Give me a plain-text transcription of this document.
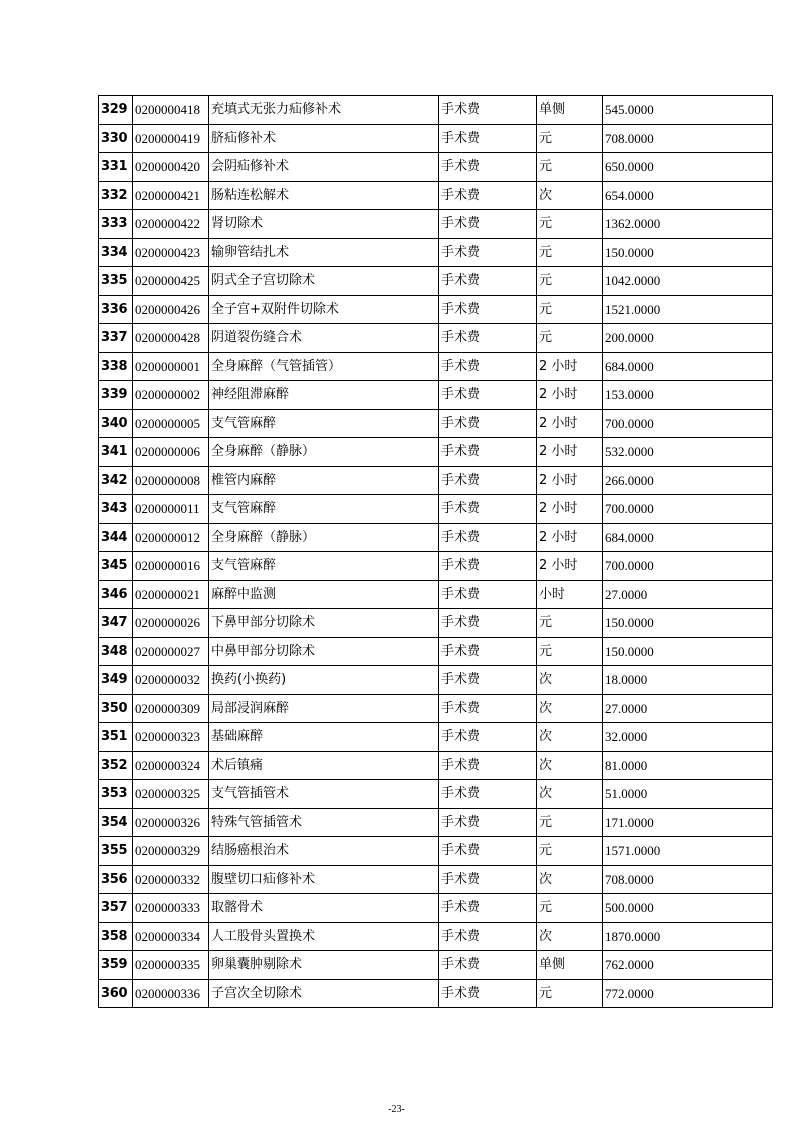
329	0200000418	充填式无张力疝修补术	手术费	单侧	545.0000
330	0200000419	脐疝修补术	手术费	元	708.0000
331	0200000420	会阴疝修补术	手术费	元	650.0000
332	0200000421	肠粘连松解术	手术费	次	654.0000
333	0200000422	肾切除术	手术费	元	1362.0000
334	0200000423	输卵管结扎术	手术费	元	150.0000
335	0200000425	阴式全子宫切除术	手术费	元	1042.0000
336	0200000426	全子宫+双附件切除术	手术费	元	1521.0000
337	0200000428	阴道裂伤缝合术	手术费	元	200.0000
338	0200000001	全身麻醉（气管插管）	手术费	2 小时	684.0000
339	0200000002	神经阻滞麻醉	手术费	2 小时	153.0000
340	0200000005	支气管麻醉	手术费	2 小时	700.0000
341	0200000006	全身麻醉（静脉）	手术费	2 小时	532.0000
342	0200000008	椎管内麻醉	手术费	2 小时	266.0000
343	0200000011	支气管麻醉	手术费	2 小时	700.0000
344	0200000012	全身麻醉（静脉）	手术费	2 小时	684.0000
345	0200000016	支气管麻醉	手术费	2 小时	700.0000
346	0200000021	麻醉中监测	手术费	小时	27.0000
347	0200000026	下鼻甲部分切除术	手术费	元	150.0000
348	0200000027	中鼻甲部分切除术	手术费	元	150.0000
349	0200000032	换药(小换药)	手术费	次	18.0000
350	0200000309	局部浸润麻醉	手术费	次	27.0000
351	0200000323	基础麻醉	手术费	次	32.0000
352	0200000324	术后镇痛	手术费	次	81.0000
353	0200000325	支气管插管术	手术费	次	51.0000
354	0200000326	特殊气管插管术	手术费	元	171.0000
355	0200000329	结肠癌根治术	手术费	元	1571.0000
356	0200000332	腹壁切口疝修补术	手术费	次	708.0000
357	0200000333	取髂骨术	手术费	元	500.0000
358	0200000334	人工股骨头置换术	手术费	次	1870.0000
359	0200000335	卵巢囊肿剔除术	手术费	单侧	762.0000
360	0200000336	子宫次全切除术	手术费	元	772.0000
-23-
